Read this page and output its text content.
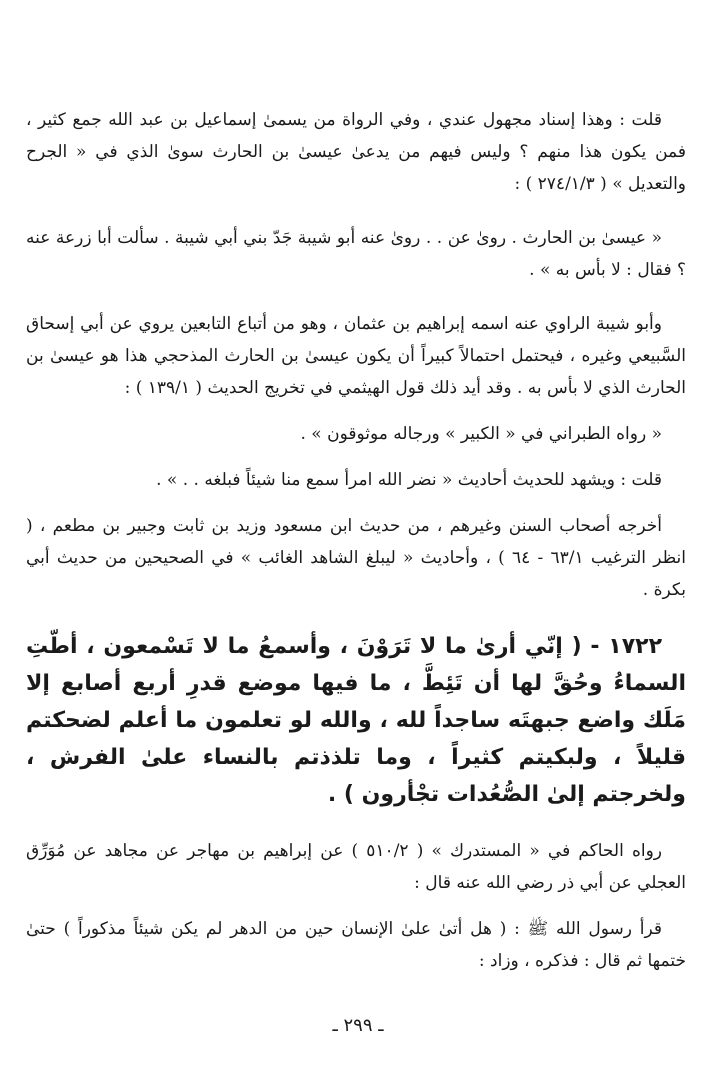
قلت : وهذا إسناد مجهول عندي ، وفي الرواة من يسمىٰ إسماعيل بن عبد الله جمع كثير ، فمن يكون هذا منهم ؟ وليس فيهم من يدعىٰ عيسىٰ بن الحارث سوىٰ الذي في « الجرح والتعديل » ( ٢٧٤/١/٣ ) :

« عيسىٰ بن الحارث . روىٰ عن . . روىٰ عنه أبو شيبة جَدّ بني أبي شيبة . سألت أبا زرعة عنه ؟ فقال : لا بأس به » .

وأبو شيبة الراوي عنه اسمه إبراهيم بن عثمان ، وهو من أتباع التابعين يروي عن أبي إسحاق السَّبيعي وغيره ، فيحتمل احتمالاً كبيراً أن يكون عيسىٰ بن الحارث المذحجي هذا هو عيسىٰ بن الحارث الذي لا بأس به . وقد أيد ذلك قول الهيثمي في تخريج الحديث ( ١٣٩/١ ) :

« رواه الطبراني في « الكبير » ورجاله موثوقون » .

قلت : ويشهد للحديث أحاديث « نضر الله امرأ سمع منا شيئاً فبلغه . . » .

أخرجه أصحاب السنن وغيرهم ، من حديث ابن مسعود وزيد بن ثابت وجبير بن مطعم ، ( انظر الترغيب ٦٣/١ - ٦٤ ) ، وأحاديث « ليبلغ الشاهد الغائب » في الصحيحين من حديث أبي بكرة .

١٧٢٢ - ( إنّي أرىٰ ما لا تَرَوْنَ ، وأسمعُ ما لا تَسْمعون ، أطّتِ السماءُ وحُقَّ لها أن تَئِطَّ ، ما فيها موضع قدرِ أربع أصابع إلا مَلَك واضع جبهتَه ساجداً لله ، والله لو تعلمون ما أعلم لضحكتم قليلاً ، ولبكيتم كثيراً ، وما تلذذتم بالنساء علىٰ الفرش ، ولخرجتم إلىٰ الصُّعُدات تجْأرون ) .

رواه الحاكم في « المستدرك » ( ٥١٠/٢ ) عن إبراهيم بن مهاجر عن مجاهد عن مُوَرِّق العجلي عن أبي ذر رضي الله عنه قال :

قرأ رسول الله ﷺ : ( هل أتىٰ علىٰ الإنسان حين من الدهر لم يكن شيئاً مذكوراً ) حتىٰ ختمها ثم قال : فذكره ، وزاد :

ـ ٢٩٩ ـ
